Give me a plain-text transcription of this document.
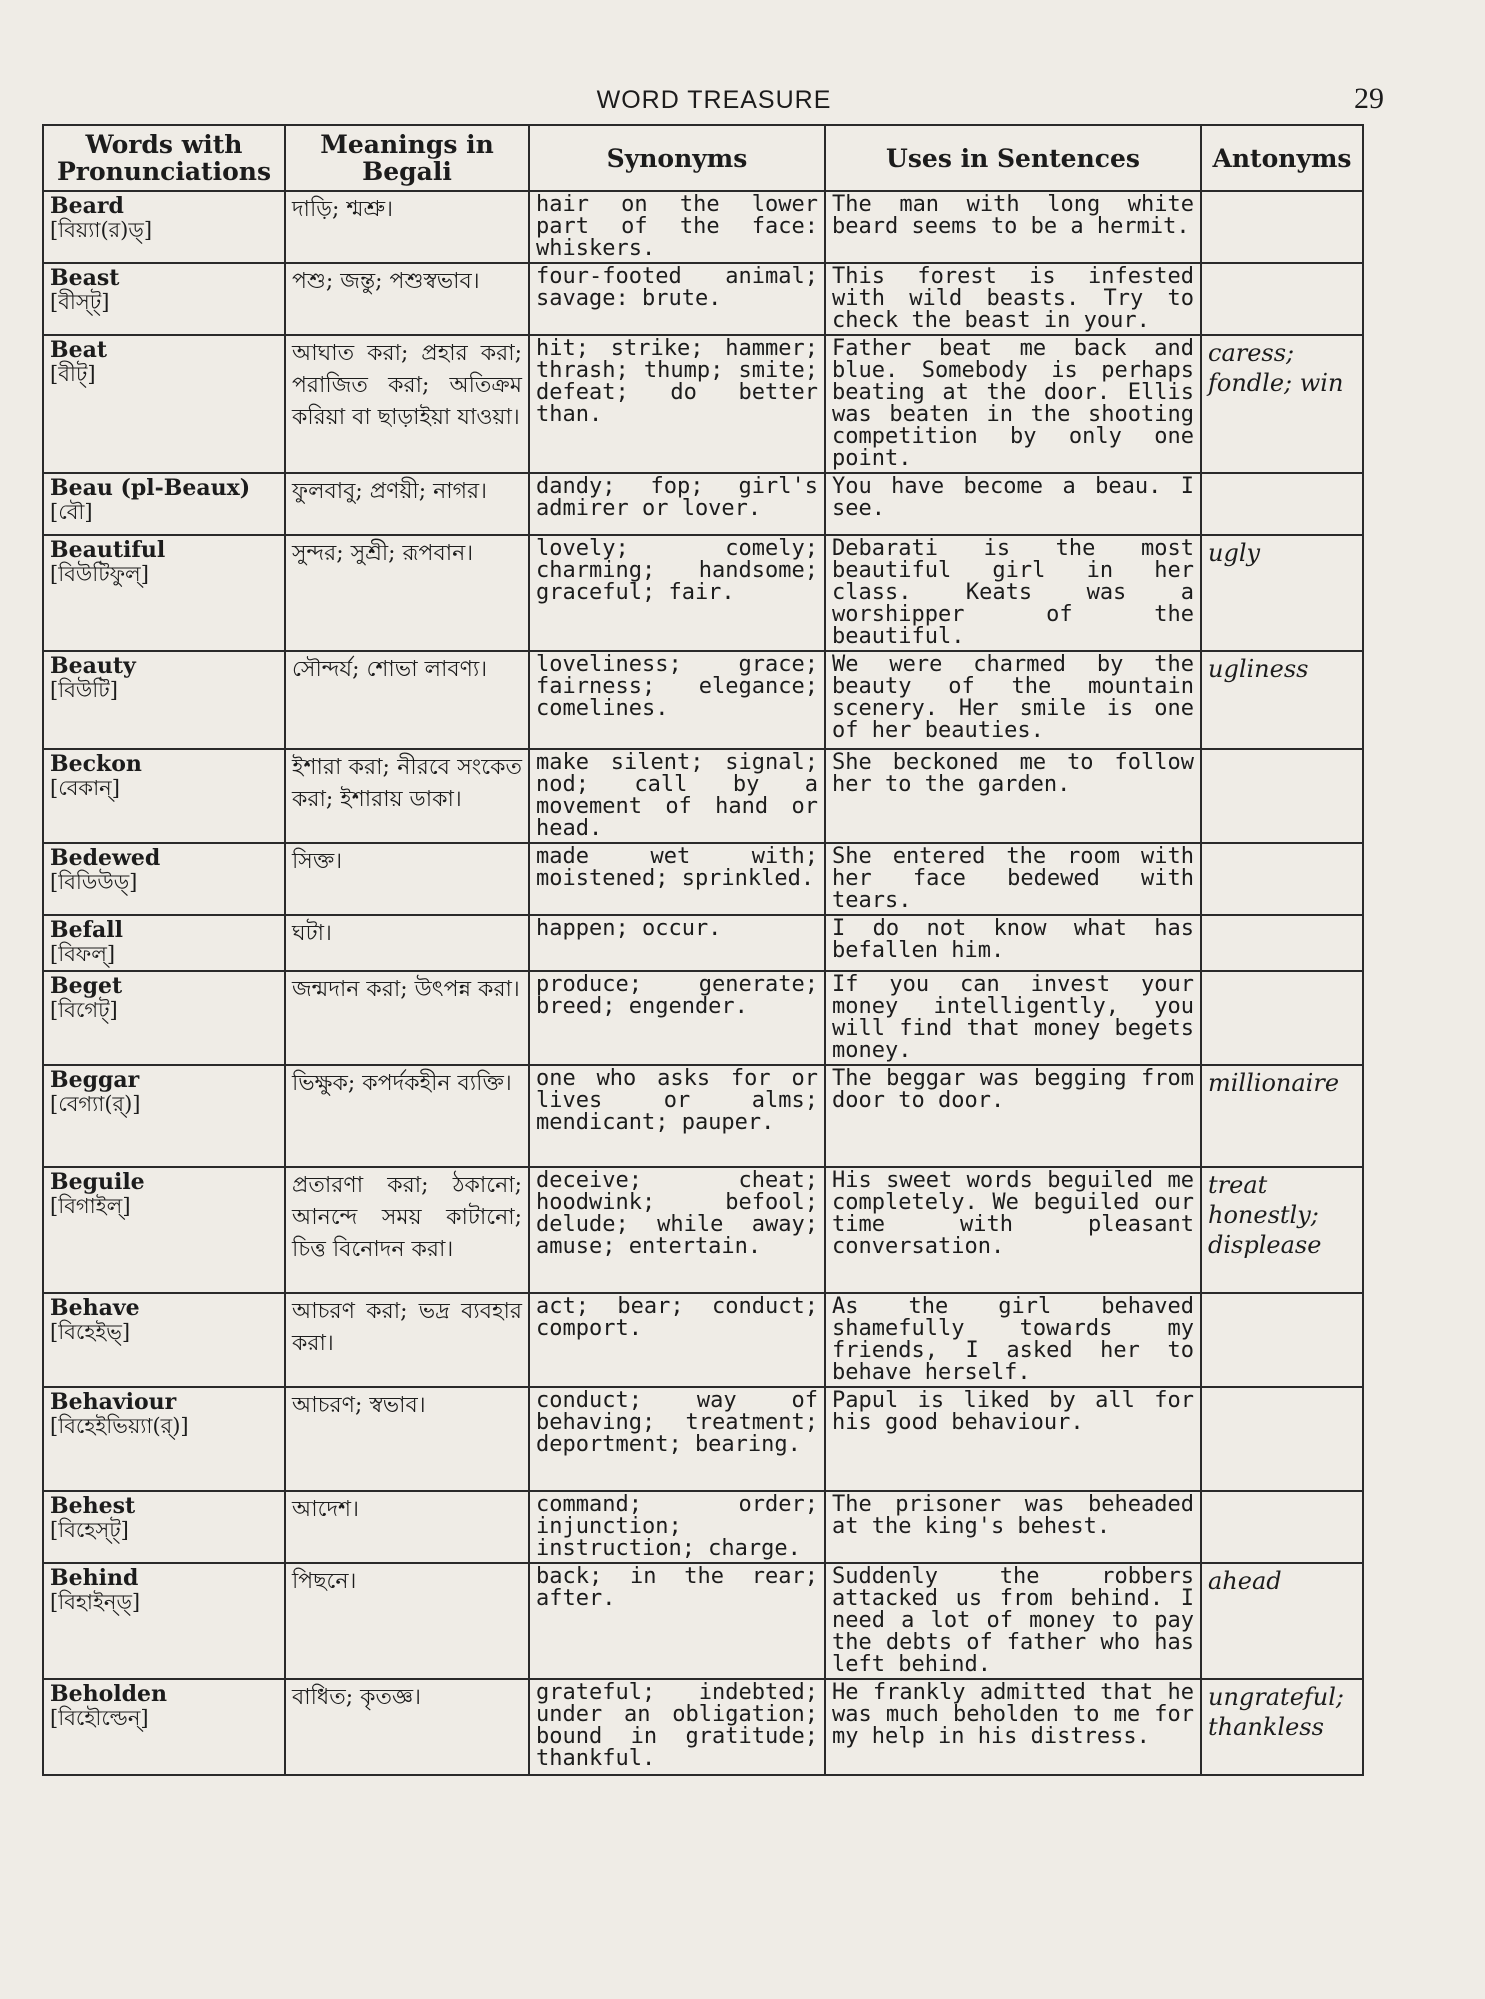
WORD TREASURE	29
Words with Pronunciations	Meanings in Begali	Synonyms	Uses in Sentences	Antonyms

Beard
[বিয়্যা(র)ড্]	দাড়ি; শ্মশ্রু।	hair on the lower part of the face: whiskers.	The man with long white beard seems to be a hermit.	

Beast
[বীস্ট্]	পশু; জন্তু; পশুস্বভাব।	four-footed animal; savage: brute.	This forest is infested with wild beasts. Try to check the beast in your.	

Beat
[বীট্]	আঘাত করা; প্রহার করা; পরাজিত করা; অতিক্রম করিয়া বা ছাড়াইয়া যাওয়া।	hit; strike; hammer; thrash; thump; smite; defeat; do better than.	Father beat me back and blue. Somebody is perhaps beating at the door. Ellis was beaten in the shooting competition by only one point.	caress; fondle; win

Beau (pl-Beaux)
[বৌ]	ফুলবাবু; প্রণয়ী; নাগর।	dandy; fop; girl's admirer or lover.	You have become a beau. I see.	

Beautiful
[বিউটিফুল্]	সুন্দর; সুশ্রী; রূপবান।	lovely; comely; charming; handsome; graceful; fair.	Debarati is the most beautiful girl in her class. Keats was a worshipper of the beautiful.	ugly

Beauty
[বিউটি]	সৌন্দর্য; শোভা লাবণ্য।	loveliness; grace; fairness; elegance; comelines.	We were charmed by the beauty of the mountain scenery. Her smile is one of her beauties.	ugliness

Beckon
[বেকান্]	ইশারা করা; নীরবে সংকেত করা; ইশারায় ডাকা।	make silent; signal; nod; call by a movement of hand or head.	She beckoned me to follow her to the garden.	

Bedewed
[বিডিউড্]	সিক্ত।	made wet with; moistened; sprinkled.	She entered the room with her face bedewed with tears.	

Befall
[বিফল্]	ঘটা।	happen; occur.	I do not know what has befallen him.	

Beget
[বিগেট্]	জন্মদান করা; উৎপন্ন করা।	produce; generate; breed; engender.	If you can invest your money intelligently, you will find that money begets money.	

Beggar
[বেগ্যা(র্)]	ভিক্ষুক; কপর্দকহীন ব্যক্তি।	one who asks for or lives or alms; mendicant; pauper.	The beggar was begging from door to door.	millionaire

Beguile
[বিগাইল্]	প্রতারণা করা; ঠকানো; আনন্দে সময় কাটানো; চিত্ত বিনোদন করা।	deceive; cheat; hoodwink; befool; delude; while away; amuse; entertain.	His sweet words beguiled me completely. We beguiled our time with pleasant conversation.	treat honestly; displease

Behave
[বিহেইভ্]	আচরণ করা; ভদ্র ব্যবহার করা।	act; bear; conduct; comport.	As the girl behaved shamefully towards my friends, I asked her to behave herself.	

Behaviour
[বিহেইভিয়্যা(র্)]	আচরণ; স্বভাব।	conduct; way of behaving; treatment; deportment; bearing.	Papul is liked by all for his good behaviour.	

Behest
[বিহেস্ট্]	আদেশ।	command; order; injunction; instruction; charge.	The prisoner was beheaded at the king's behest.	

Behind
[বিহাইন্ড্]	পিছনে।	back; in the rear; after.	Suddenly the robbers attacked us from behind. I need a lot of money to pay the debts of father who has left behind.	ahead

Beholden
[বিহৌল্ডেন্]	বাধিত; কৃতজ্ঞ।	grateful; indebted; under an obligation; bound in gratitude; thankful.	He frankly admitted that he was much beholden to me for my help in his distress.	ungrateful; thankless
